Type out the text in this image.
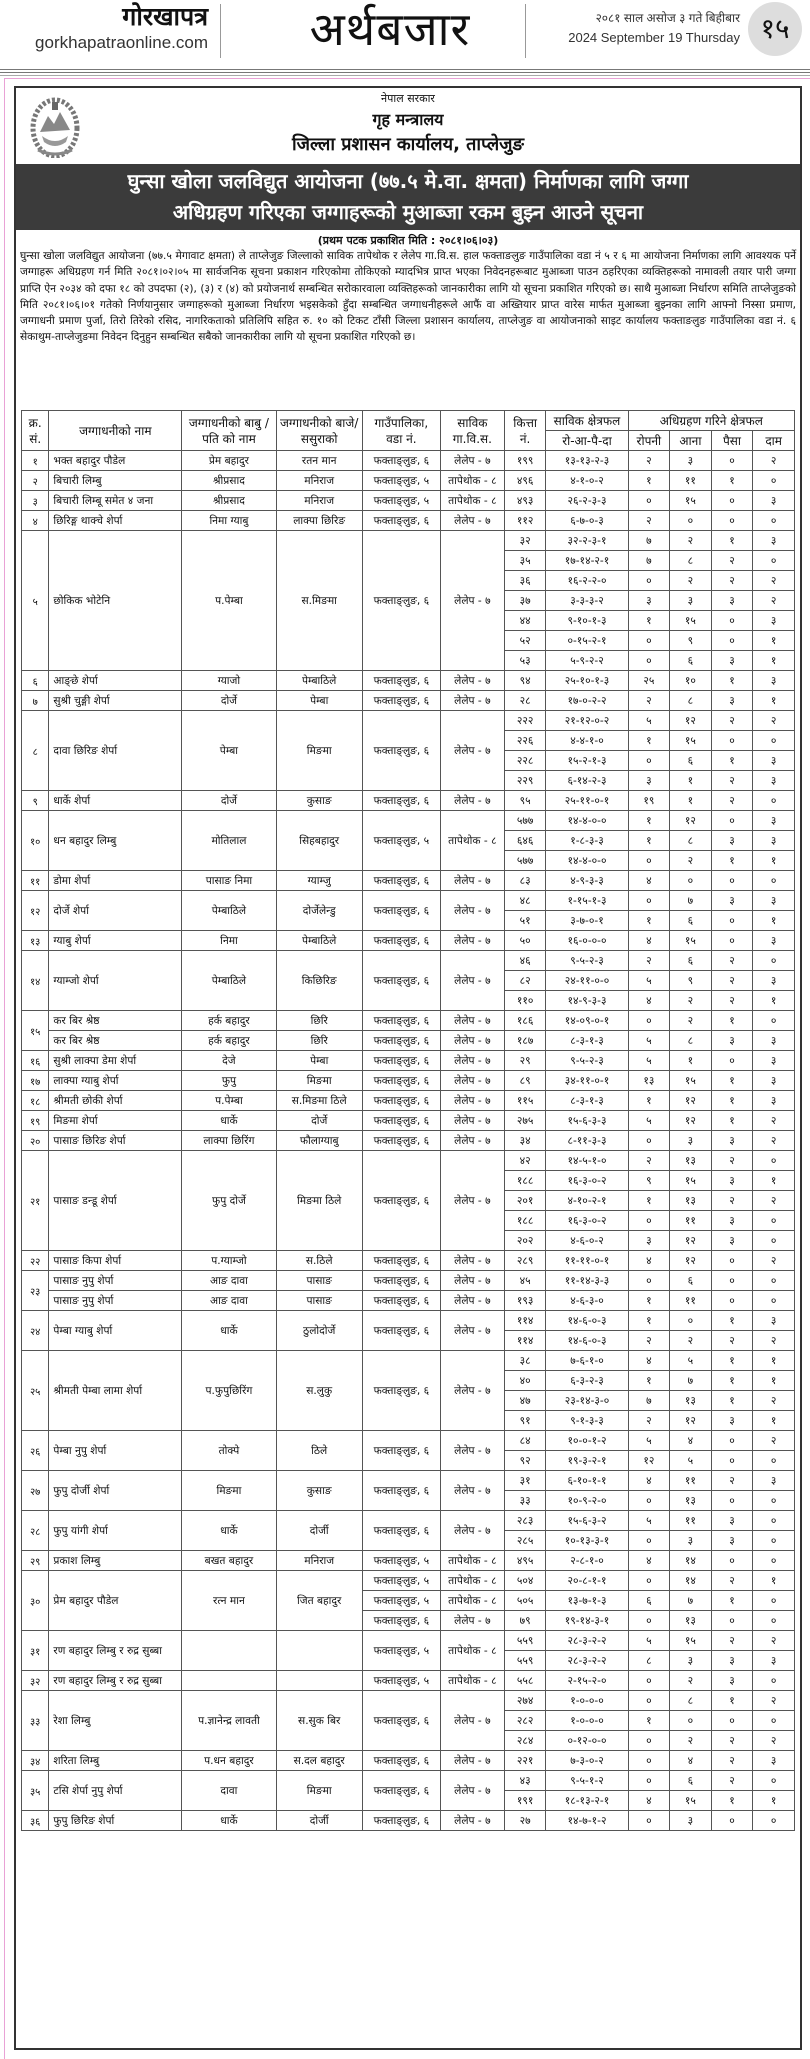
गोरखापत्र
gorkhapatraonline.com	अर्थबजार	२०८१ साल असोज ३ गते बिहीबार
2024 September 19 Thursday १५
नेपाल सरकार
गृह मन्त्रालय
जिल्ला प्रशासन कार्यालय, ताप्लेजुङ
घुन्सा खोला जलविद्युत आयोजना (७७.५ मे.वा. क्षमता) निर्माणका लागि जग्गा
अधिग्रहण गरिएका जग्गाहरूको मुआब्जा रकम बुझ्न आउने सूचना
(प्रथम पटक प्रकाशित मिति : २०८१।०६।०३)
घुन्सा खोला जलविद्युत आयोजना (७७.५ मेगावाट क्षमता) ले ताप्लेजुङ जिल्लाको साविक तापेथोक र लेलेप गा.वि.स. हाल फक्ताङलुङ गाउँपालिका वडा नं ५ र ६ मा आयोजना निर्माणका लागि आवश्यक पर्ने जग्गाहरू अधिग्रहण गर्न मिति २०८१।०२।०५ मा सार्वजनिक सूचना प्रकाशन गरिएकोमा तोकिएको म्यादभित्र प्राप्त भएका निवेदनहरूबाट मुआब्जा पाउन ठहरिएका व्यक्तिहरूको नामावली तयार पारी जग्गा प्राप्ति ऐन २०३४ को दफा १८ को उपदफा (२), (३) र (४) को प्रयोजनार्थ सम्बन्धित सरोकारवाला व्यक्तिहरूको जानकारीका लागि यो सूचना प्रकाशित गरिएको छ। साथै मुआब्जा निर्धारण समिति ताप्लेजुङको मिति २०८१।०६।०१ गतेको निर्णयानुसार जग्गाहरूको मुआब्जा निर्धारण भइसकेको हुँदा सम्बन्धित जग्गाधनीहरूले आफैं वा अख्तियार प्राप्त वारेस मार्फत मुआब्जा बुझ्नका लागि आफ्नो निस्सा प्रमाण, जग्गाधनी प्रमाण पुर्जा, तिरो तिरेको रसिद, नागरिकताको प्रतिलिपि सहित रु. १० को टिकट टाँसी जिल्ला प्रशासन कार्यालय, ताप्लेजुङ वा आयोजनाको साइट कार्यालय फक्ताङलुङ गाउँपालिका वडा नं. ६ सेकाथुम-ताप्लेजुङमा निवेदन दिनुहुन सम्बन्धित सबैको जानकारीका लागि यो सूचना प्रकाशित गरिएको छ।
क्र. सं.	जग्गाधनीको नाम	जग्गाधनीको बाबु /पति को नाम	जग्गाधनीको बाजे/ ससुराको	गाउँपालिका, वडा नं.	साविक गा.वि.स.	कित्ता नं.	साविक क्षेत्रफल	अधिग्रहण गरिने क्षेत्रफल			
							रो-आ-पै-दा	रोपनी	आना	पैसा	दाम
१	भक्त बहादुर पौडेल	प्रेम बहादुर	रतन मान	फक्ताङ्लुङ, ६	लेलेप - ७	१९९	१३-१३-२-३	२	३	०	२
२	बिचारी लिम्बु	श्रीप्रसाद	मनिराज	फक्ताङ्लुङ, ५	तापेथोक - ८	४९६	४-१-०-२	१	११	१	०
३	बिचारी लिम्बू समेत ४ जना	श्रीप्रसाद	मनिराज	फक्ताङ्लुङ, ५	तापेथोक - ८	४९३	२६-२-३-३	०	१५	०	३
४	छिरिङ्ग थाक्चे शेर्पा	निमा ग्याबु	लाक्पा छिरिङ	फक्ताङ्लुङ, ६	लेलेप - ७	११२	६-७-०-३	२	०	०	०
५	छोकिक भोटेनि	प.पेम्बा	स.मिङमा	फक्ताङ्लुङ, ६	लेलेप - ७	३२	३२-२-३-१	७	२	१	३
						३५	१७-१४-२-१	७	८	२	०
						३६	१६-२-२-०	०	२	२	२
						३७	३-३-३-२	३	३	३	२
						४४	९-१०-१-३	१	१५	०	३
						५२	०-१५-२-१	०	९	०	१
						५३	५-९-२-२	०	६	३	१
६	आङ्छे शेर्पा	ग्याजो	पेम्बाठिले	फक्ताङ्लुङ, ६	लेलेप - ७	९४	२५-१०-१-३	२५	१०	१	३
७	सुश्री चुङ्गी शेर्पा	दोर्जे	पेम्बा	फक्ताङ्लुङ, ६	लेलेप - ७	२८	१७-०-२-२	२	८	३	१
८	दावा छिरिङ शेर्पा	पेम्बा	मिङमा	फक्ताङ्लुङ, ६	लेलेप - ७	२२२	२१-१२-०-२	५	१२	२	२
						२२६	४-४-१-०	१	१५	०	०
						२२८	१५-२-१-३	०	६	१	३
						२२९	६-१४-२-३	३	१	२	३
९	धार्के शेर्पा	दोर्जे	कुसाङ	फक्ताङ्लुङ, ६	लेलेप - ७	९५	२५-११-०-१	१९	१	२	०
१०	धन बहादुर लिम्बु	मोतिलाल	सिहबहादुर	फक्ताङ्लुङ, ५	तापेथोक - ८	५७७	१४-४-०-०	१	१२	०	३
						६४६	१-८-३-३	१	८	३	३
						५७७	१४-४-०-०	०	२	१	१
११	डोमा शेर्पा	पासाङ निमा	ग्याम्जु	फक्ताङ्लुङ, ६	लेलेप - ७	८३	४-९-३-३	४	०	०	०
१२	दोर्जे शेर्पा	पेम्बाठिले	दोर्जेलेन्डु	फक्ताङ्लुङ, ६	लेलेप - ७	४८	१-१५-१-३	०	७	३	३
						५१	३-७-०-१	१	६	०	१
१३	ग्याबु शेर्पा	निमा	पेम्बाठिले	फक्ताङ्लुङ, ६	लेलेप - ७	५०	१६-०-०-०	४	१५	०	३
१४	ग्याम्जो शेर्पा	पेम्बाठिले	किछिरिङ	फक्ताङ्लुङ, ६	लेलेप - ७	४६	९-५-२-३	२	६	२	०
						८२	२४-११-०-०	५	९	२	३
						११०	१४-९-३-३	४	२	२	१
१५	कर बिर श्रेष्ठ	हर्क बहादुर	छिरि	फक्ताङ्लुङ, ६	लेलेप - ७	१८६	१४-०९-०-१	०	२	१	०
	कर बिर श्रेष्ठ	हर्क बहादुर	छिरि	फक्ताङ्लुङ, ६	लेलेप - ७	१८७	८-३-१-३	५	८	३	३
१६	सुश्री लाक्पा डेमा शेर्पा	देजे	पेम्बा	फक्ताङ्लुङ, ६	लेलेप - ७	२९	९-५-२-३	५	१	०	३
१७	लाक्पा ग्याबु शेर्पा	फुपु	मिङमा	फक्ताङ्लुङ, ६	लेलेप - ७	८९	३४-११-०-१	१३	१५	१	३
१८	श्रीमती छोकी शेर्पा	प.पेम्बा	स.मिङमा ठिले	फक्ताङ्लुङ, ६	लेलेप - ७	११५	८-३-१-३	१	१२	१	३
१९	मिङमा शेर्पा	धार्के	दोर्जे	फक्ताङ्लुङ, ६	लेलेप - ७	२७५	१५-६-३-३	५	१२	१	२
२०	पासाङ छिरिङ शेर्पा	लाक्पा छिरिंग	फौलाग्याबु	फक्ताङ्लुङ, ६	लेलेप - ७	३४	८-११-३-३	०	३	३	२
२१	पासाङ डन्डू शेर्पा	फुपु दोर्जे	मिङमा ठिले	फक्ताङ्लुङ, ६	लेलेप - ७	४२	१४-५-१-०	२	१३	२	०
						१८८	१६-३-०-२	९	१५	३	१
						२०१	४-१०-२-१	१	१३	२	२
						१८८	१६-३-०-२	०	११	३	०
						२०२	४-६-०-२	३	१२	३	०
२२	पासाङ किपा शेर्पा	प.ग्याम्जो	स.ठिले	फक्ताङ्लुङ, ६	लेलेप - ७	२८९	११-११-०-१	४	१२	०	२
२३	पासाङ नुपु शेर्पा	आङ दावा	पासाङ	फक्ताङ्लुङ, ६	लेलेप - ७	४५	११-१४-३-३	०	६	०	०
	पासाङ नुपु शेर्पा	आङ दावा	पासाङ	फक्ताङ्लुङ, ६	लेलेप - ७	१९३	४-६-३-०	१	११	०	०
२४	पेम्बा ग्याबु शेर्पा	धार्के	ठुलोदोर्जे	फक्ताङ्लुङ, ६	लेलेप - ७	११४	१४-६-०-३	१	०	१	३
						११४	१४-६-०-३	२	२	२	२
२५	श्रीमती पेम्बा लामा शेर्पा	प.फुपुछिरिंग	स.लुकु	फक्ताङ्लुङ, ६	लेलेप - ७	३८	७-६-१-०	४	५	१	१
						४०	६-३-२-३	१	७	१	१
						४७	२३-१४-३-०	७	१३	१	२
						९१	९-१-३-३	२	१२	३	१
२६	पेम्बा नुपु शेर्पा	तोक्पे	ठिले	फक्ताङ्लुङ, ६	लेलेप - ७	८४	१०-०-१-२	५	४	०	२
						९२	१९-३-२-१	१२	५	०	०
२७	फुपु दोर्जी शेर्पा	मिङमा	कुसाङ	फक्ताङ्लुङ, ६	लेलेप - ७	३१	६-१०-१-१	४	११	२	३
						३३	१०-९-२-०	०	१३	०	०
२८	फुपु यांगी शेर्पा	धार्के	दोर्जी	फक्ताङ्लुङ, ६	लेलेप - ७	२८३	१५-६-३-२	५	११	३	०
						२८५	१०-१३-३-१	०	३	३	०
२९	प्रकाश लिम्बु	बखत बहादुर	मनिराज	फक्ताङ्लुङ, ५	तापेथोक - ८	४९५	२-८-१-०	४	१४	०	०
३०	प्रेम बहादुर पौडेल	रत्न मान	जित बहादुर	फक्ताङ्लुङ, ५	तापेथोक - ८	५०४	२०-८-१-१	०	१४	२	१
				फक्ताङ्लुङ, ५	तापेथोक - ८	५०५	१३-७-१-३	६	७	१	०
				फक्ताङ्लुङ, ६	लेलेप - ७	७९	१९-१४-३-१	०	१३	०	०
३१	रण बहादुर लिम्बु र रुद्र सुब्बा			फक्ताङ्लुङ, ५	तापेथोक - ८	५५९	२८-३-२-२	५	१५	२	२
						५५९	२८-३-२-२	८	३	३	३
३२	रण बहादुर लिम्बु र रुद्र सुब्बा			फक्ताङ्लुङ, ५	तापेथोक - ८	५५८	२-१५-२-०	०	२	३	०
३३	रेशा लिम्बु	प.ज्ञानेन्द्र लावती	स.सुक बिर	फक्ताङ्लुङ, ६	लेलेप - ७	२७४	१-०-०-०	०	८	१	२
						२८२	१-०-०-०	१	०	०	०
						२८४	०-१२-०-०	०	२	२	२
३४	शरिता लिम्बु	प.धन बहादुर	स.दल बहादुर	फक्ताङ्लुङ, ६	लेलेप - ७	२२१	७-३-०-२	०	४	२	३
३५	टसि शेर्पा नुपु शेर्पा	दावा	मिङमा	फक्ताङ्लुङ, ६	लेलेप - ७	४३	९-५-१-२	०	६	२	०
						१९१	१८-१३-२-१	४	१५	१	१
३६	फुपु छिरिङ शेर्पा	धार्के	दोर्जी	फक्ताङ्लुङ, ६	लेलेप - ७	२७	१४-७-१-२	०	३	०	०
